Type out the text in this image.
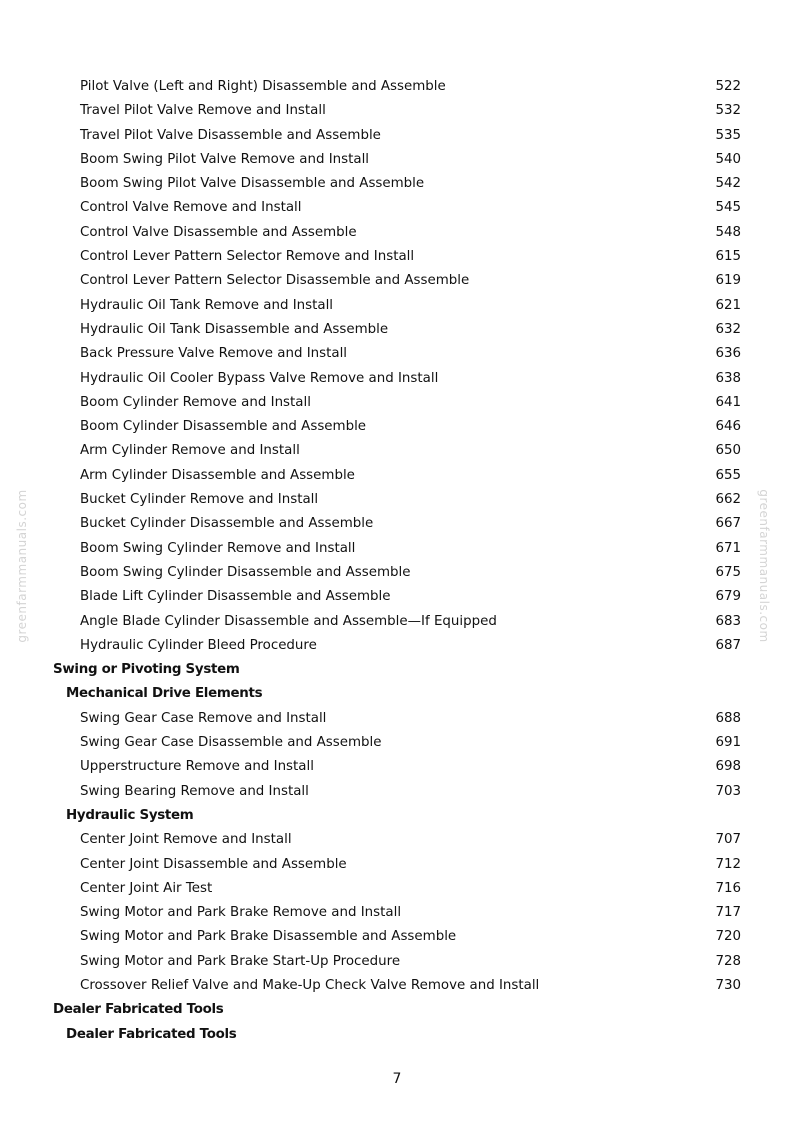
greenfarmmanuals.com	greenfarmmanuals.com
Pilot Valve (Left and Right) Disassemble and Assemble	522
Travel Pilot Valve Remove and Install	532
Travel Pilot Valve Disassemble and Assemble	535
Boom Swing Pilot Valve Remove and Install	540
Boom Swing Pilot Valve Disassemble and Assemble	542
Control Valve Remove and Install	545
Control Valve Disassemble and Assemble	548
Control Lever Pattern Selector Remove and Install	615
Control Lever Pattern Selector Disassemble and Assemble	619
Hydraulic Oil Tank Remove and Install	621
Hydraulic Oil Tank Disassemble and Assemble	632
Back Pressure Valve Remove and Install	636
Hydraulic Oil Cooler Bypass Valve Remove and Install	638
Boom Cylinder Remove and Install	641
Boom Cylinder Disassemble and Assemble	646
Arm Cylinder Remove and Install	650
Arm Cylinder Disassemble and Assemble	655
Bucket Cylinder Remove and Install	662
Bucket Cylinder Disassemble and Assemble	667
Boom Swing Cylinder Remove and Install	671
Boom Swing Cylinder Disassemble and Assemble	675
Blade Lift Cylinder Disassemble and Assemble	679
Angle Blade Cylinder Disassemble and Assemble—If Equipped	683
Hydraulic Cylinder Bleed Procedure	687
Swing or Pivoting System
Mechanical Drive Elements
Swing Gear Case Remove and Install	688
Swing Gear Case Disassemble and Assemble	691
Upperstructure Remove and Install	698
Swing Bearing Remove and Install	703
Hydraulic System
Center Joint Remove and Install	707
Center Joint Disassemble and Assemble	712
Center Joint Air Test	716
Swing Motor and Park Brake Remove and Install	717
Swing Motor and Park Brake Disassemble and Assemble	720
Swing Motor and Park Brake Start-Up Procedure	728
Crossover Relief Valve and Make-Up Check Valve Remove and Install	730
Dealer Fabricated Tools
Dealer Fabricated Tools
7
